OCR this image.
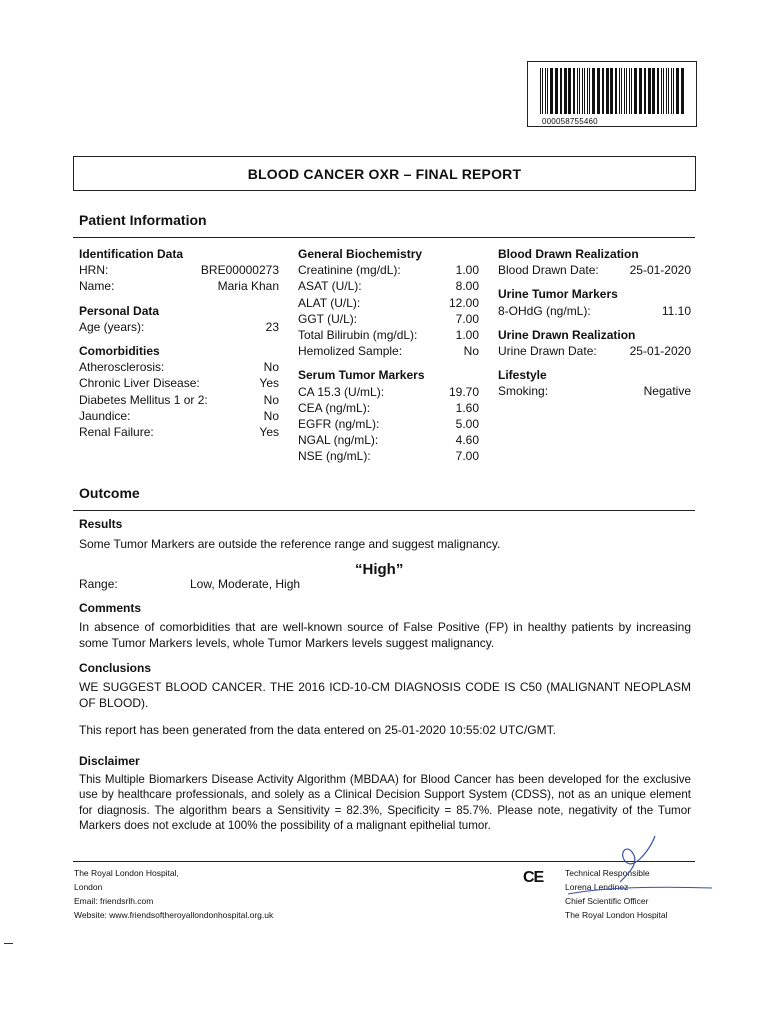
000058755460
BLOOD CANCER OXR – FINAL REPORT
Patient Information
Identification Data
HRN:	BRE00000273
Name:	Maria Khan
Personal Data
Age (years):	23
Comorbidities
Atherosclerosis:	No
Chronic Liver Disease:	Yes
Diabetes Mellitus 1 or 2:	No
Jaundice:	No
Renal Failure:	Yes
General Biochemistry
Creatinine (mg/dL):	1.00
ASAT (U/L):	8.00
ALAT (U/L):	12.00
GGT (U/L):	7.00
Total Bilirubin (mg/dL):	1.00
Hemolized Sample:	No
Serum Tumor Markers
CA 15.3 (U/mL):	19.70
CEA (ng/mL):	1.60
EGFR (ng/mL):	5.00
NGAL (ng/mL):	4.60
NSE (ng/mL):	7.00
Blood Drawn Realization
Blood Drawn Date:	25-01-2020
Urine Tumor Markers
8-OHdG (ng/mL):	11.10
Urine Drawn Realization
Urine Drawn Date:	25-01-2020
Lifestyle
Smoking:	Negative
Outcome
Results
Some Tumor Markers are outside the reference range and suggest malignancy.
“High”
Range:	Low, Moderate, High
Comments
In absence of comorbidities that are well-known source of False Positive (FP) in healthy patients by increasing some Tumor Markers levels, whole Tumor Markers levels suggest malignancy.
Conclusions
WE SUGGEST BLOOD CANCER. THE 2016 ICD-10-CM DIAGNOSIS CODE IS C50 (MALIGNANT NEOPLASM OF BLOOD).
This report has been generated from the data entered on 25-01-2020 10:55:02 UTC/GMT.
Disclaimer
This Multiple Biomarkers Disease Activity Algorithm (MBDAA) for Blood Cancer has been developed for the exclusive use by healthcare professionals, and solely as a Clinical Decision Support System (CDSS), not as an unique element for diagnosis. The algorithm bears a Sensitivity = 82.3%, Specificity = 85.7%. Please note, negativity of the Tumor Markers does not exclude at 100% the possibility of a malignant epithelial tumor.
The Royal London Hospital,
London
Email: friendsrlh.com
Website: www.friendsoftheroyallondonhospital.org.uk
CE	Technical Responsible
Lorena Lendinez
Chief Scientific Officer
The Royal London Hospital
